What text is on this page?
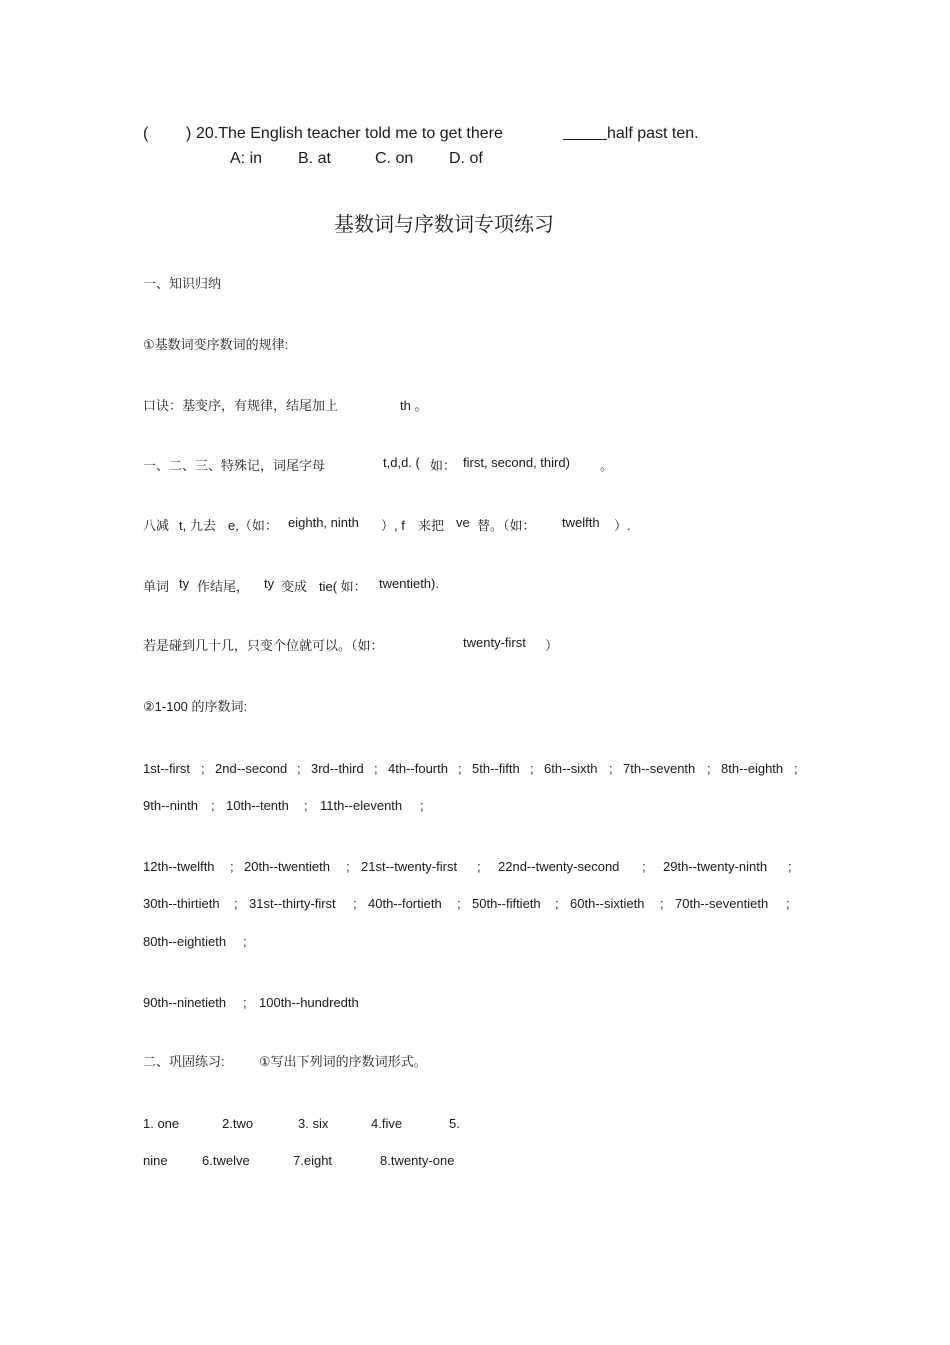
( ) 20.The English teacher told me to get there	half past ten.
A: in B. at	C. on D. of
基数词与序数词专项练习
一、知识归纳
①基数词变序数词的规律:
口诀：基变序，有规律，结尾加上	th 。
一、二、三、特殊记，词尾字母	t,d,d. ( 如： first, second, third) 。
八减 t, 九去 e,（如： eighth, ninth ）, f 来把 ve 替。（如： twelfth ）.
单词 ty 作结尾， ty 变成 tie( 如： twentieth).
若是碰到几十几，只变个位就可以。（如：	twenty-first ）
②1-100 的序数词:
1st--first ; 2nd--second ; 3rd--third ; 4th--fourth ; 5th--fifth ; 6th--sixth ; 7th--seventh ; 8th--eighth ;
9th--ninth ; 10th--tenth ; 11th--eleventh ;
12th--twelfth ; 20th--twentieth ; 21st--twenty-first ; 22nd--twenty-second ; 29th--twenty-ninth ;
30th--thirtieth ; 31st--thirty-first ; 40th--fortieth ; 50th--fiftieth ; 60th--sixtieth ; 70th--seventieth ;
80th--eightieth ;
90th--ninetieth ; 100th--hundredth
二、巩固练习:	①写出下列词的序数词形式。
1. one	2.two	3. six	4.five	5.
nine	6.twelve	7.eight	8.twenty-one
